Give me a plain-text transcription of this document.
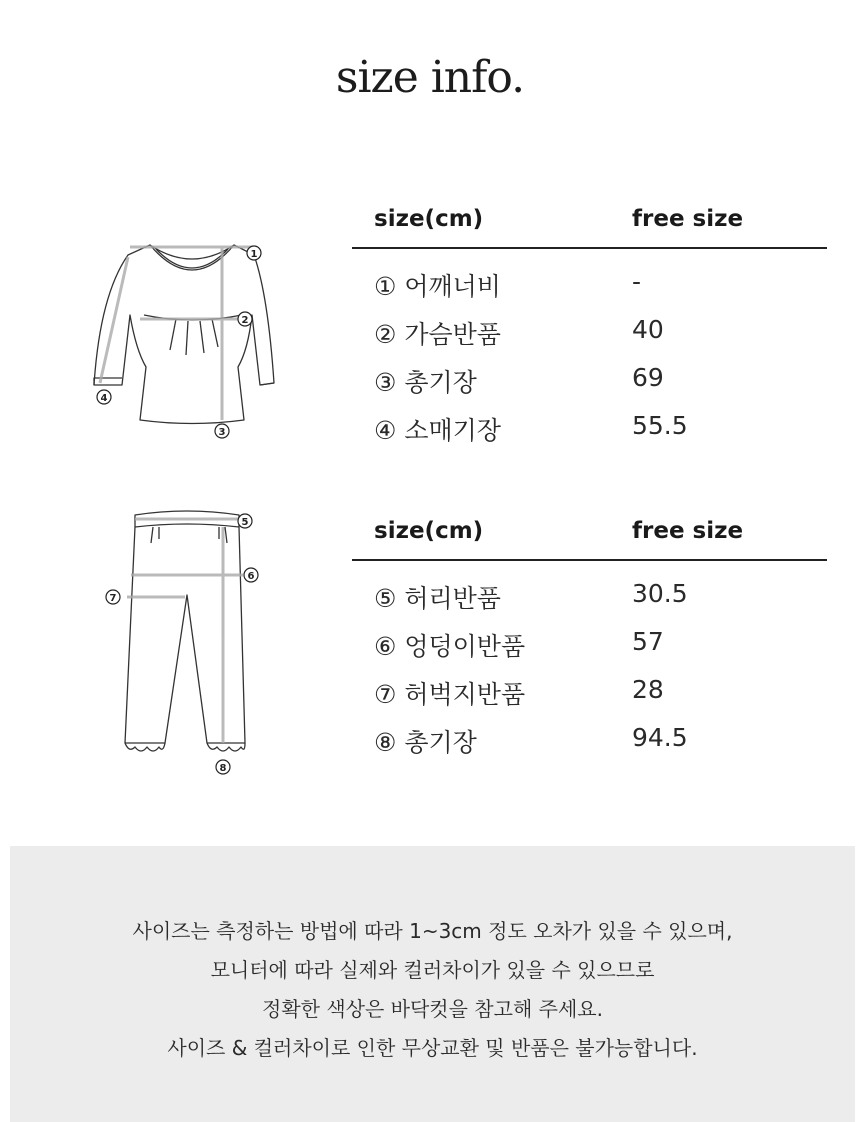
size info.
1
2
3
4
5
6
7
8
size(cm)	free size
① 어깨너비	-
② 가슴반품	40
③ 총기장	69
④ 소매기장	55.5
size(cm)	free size
⑤ 허리반품	30.5
⑥ 엉덩이반품	57
⑦ 허벅지반품	28
⑧ 총기장	94.5
사이즈는 측정하는 방법에 따라 1~3cm 정도 오차가 있을 수 있으며,
모니터에 따라 실제와 컬러차이가 있을 수 있으므로
정확한 색상은 바닥컷을 참고해 주세요.
사이즈 & 컬러차이로 인한 무상교환 및 반품은 불가능합니다.
